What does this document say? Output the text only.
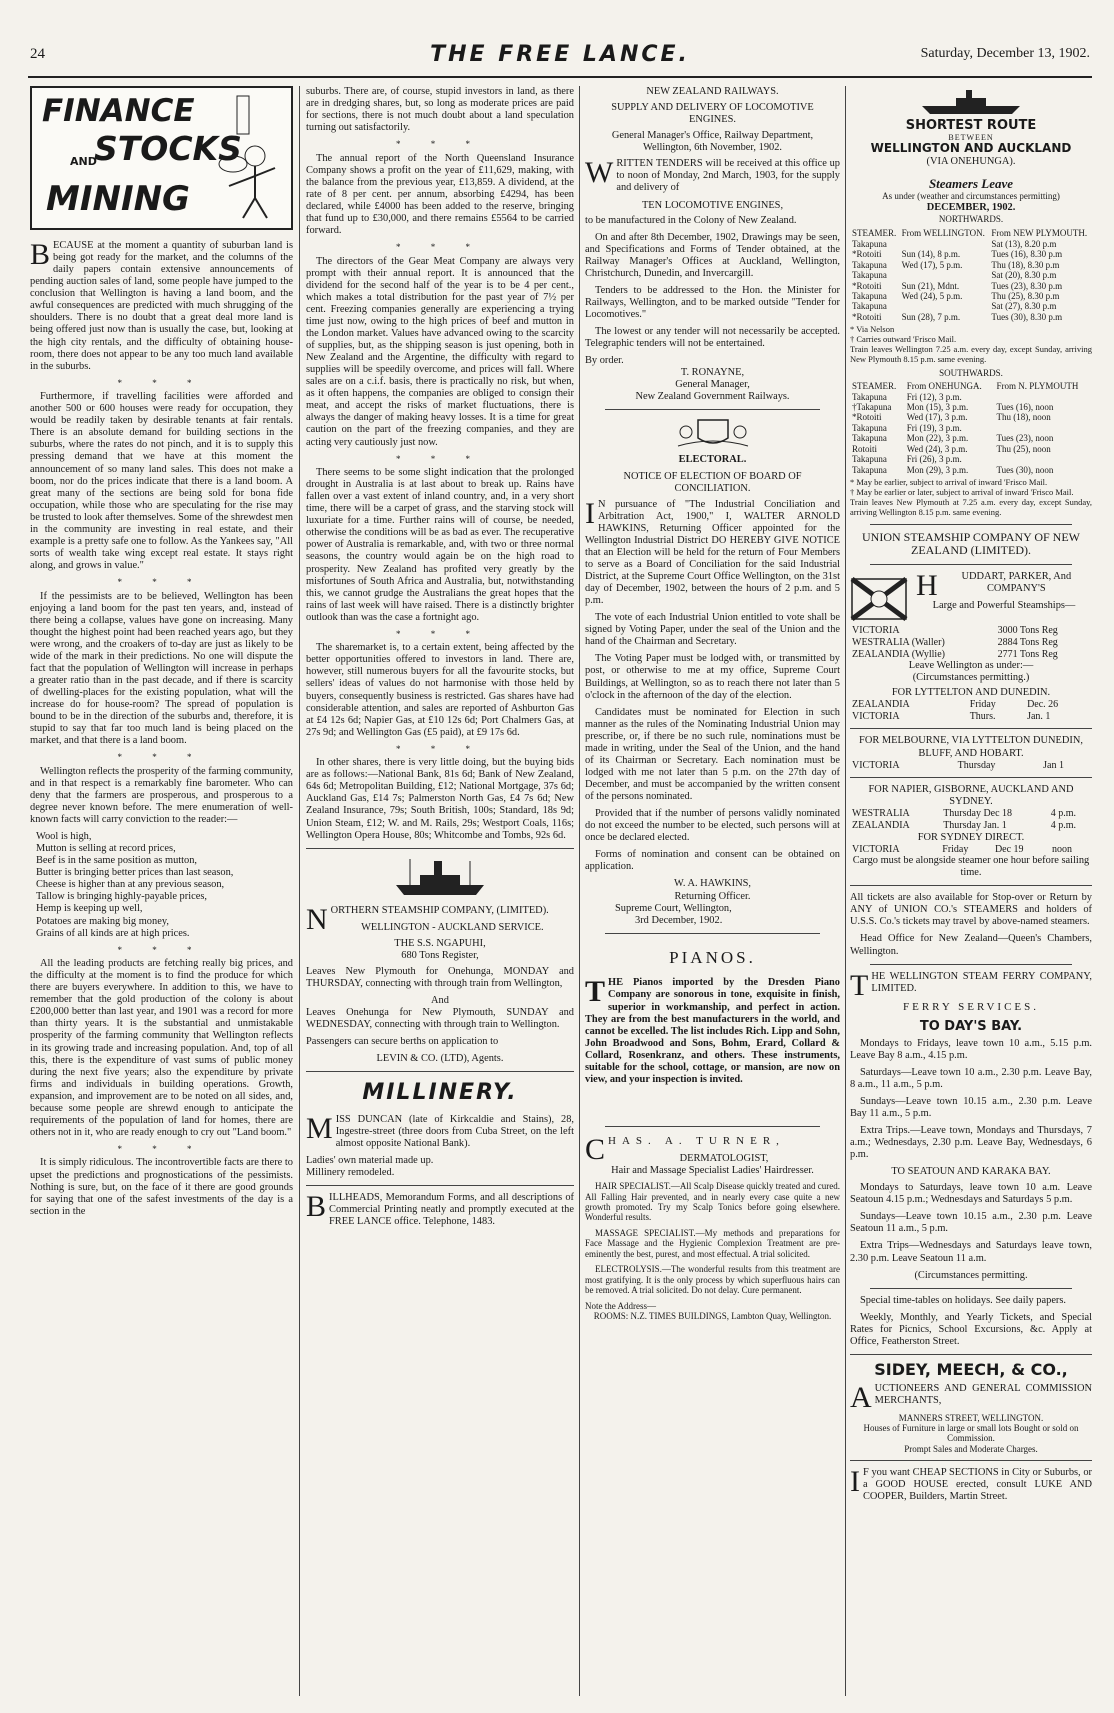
24	THE FREE LANCE.	Saturday, December 13, 1902.
FINANCE
STOCKS
AND
MINING

BECAUSE at the moment a quantity of suburban land is being got ready for the market, and the columns of the daily papers contain extensive announcements of pending auction sales of land, some people have jumped to the conclusion that Wellington is having a land boom, and the awful consequences are predicted with much shrugging of the shoulders. There is no doubt that a great deal more land is being offered just now than is usually the case, but, looking at the high city rentals, and the difficulty of obtaining house-room, there does not appear to be any too much land available in the suburbs.

* * *

Furthermore, if travelling facilities were afforded and another 500 or 600 houses were ready for occupation, they would be readily taken by desirable tenants at fair rentals. There is an absolute demand for building sections in the suburbs, where the rates do not pinch, and it is to supply this pressing demand that we have at this moment the announcement of so many land sales. This does not make a boom, nor do the prices indicate that there is a land boom. A great many of the sections are being sold for bona fide occupation, while those who are speculating for the rise may be trusted to look after themselves. Some of the shrewdest men in the community are investing in real estate, and their example is a pretty safe one to follow. As the Yankees say, "All sorts of wealth take wing except real estate. It stays right along, and grows in value."

* * *

If the pessimists are to be believed, Wellington has been enjoying a land boom for the past ten years, and, instead of there being a collapse, values have gone on increasing. Many thought the highest point had been reached years ago, but they were wrong, and the croakers of to-day are just as likely to be wide of the mark in their predictions. No one will dispute the fact that the population of Wellington will increase in perhaps a greater ratio than in the past decade, and if there is scarcity of dwelling-places for the existing population, what will the increase do for house-room? The spread of population is bound to be in the direction of the suburbs and, therefore, it is stupid to say that far too much land is being placed on the market, and that there is a land boom.

* * *

Wellington reflects the prosperity of the farming community, and in that respect is a remarkably fine barometer. Who can deny that the farmers are prosperous, and prosperous to a degree never known before. The mere enumeration of well-known facts will carry conviction to the reader:—

Wool is high,
Mutton is selling at record prices,
Beef is in the same position as mutton,
Butter is bringing better prices than last season,
Cheese is higher than at any previous season,
Tallow is bringing highly-payable prices,
Hemp is keeping up well,
Potatoes are making big money,
Grains of all kinds are at high prices.
* * *

All the leading products are fetching really big prices, and the difficulty at the moment is to find the produce for which there are buyers everywhere. In addition to this, we have to remember that the gold production of the colony is about £200,000 better than last year, and 1901 was a record for more than thirty years. It is the substantial and unmistakable prosperity of the farming community that Wellington reflects in its growing trade and increasing population. And, top of all this, there is the expenditure of vast sums of public money during the next five years; also the expenditure by private firms and individuals in building operations. Growth, expansion, and improvement are to be noted on all sides, and, because some people are shrewd enough to anticipate the requirements of the population of land for homes, there are others not in it, who are ready enough to cry out "Land boom."

* * *

It is simply ridiculous. The incontrovertible facts are there to upset the predictions and prognostications of the pessimists. Nothing is sure, but, on the face of it there are good grounds for saying that one of the safest investments of the day is a section in the

suburbs. There are, of course, stupid investors in land, as there are in dredging shares, but, so long as moderate prices are paid for sections, there is not much doubt about a land speculation turning out satisfactorily.

* * *

The annual report of the North Queensland Insurance Company shows a profit on the year of £11,629, making, with the balance from the previous year, £13,859. A dividend, at the rate of 8 per cent. per annum, absorbing £4294, has been declared, while £4000 has been added to the reserve, bringing that fund up to £30,000, and there remains £5564 to be carried forward.

* * *

The directors of the Gear Meat Company are always very prompt with their annual report. It is announced that the dividend for the second half of the year is to be 4 per cent., which makes a total distribution for the past year of 7½ per cent. Freezing companies generally are experiencing a trying time just now, owing to the high prices of beef and mutton in the London market. Values have advanced owing to the scarcity of supplies, but, as the shipping season is just opening, both in New Zealand and the Argentine, the difficulty with regard to supplies will be speedily overcome, and prices will fall. Where sales are on a c.i.f. basis, there is practically no risk, but when, as it often happens, the companies are obliged to consign their meat, and accept the risks of market fluctuations, there is always the danger of making heavy losses. It is a time for great caution on the part of the freezing companies, and they are acting very cautiously just now.

* * *

There seems to be some slight indication that the prolonged drought in Australia is at last about to break up. Rains have fallen over a vast extent of inland country, and, in a very short time, there will be a carpet of grass, and the starving stock will luxuriate for a time. Further rains will of course, be needed, otherwise the conditions will be as bad as ever. The recuperative power of Australia is remarkable, and, with two or three normal seasons, the country would again be on the high road to prosperity. New Zealand has profited very greatly by the misfortunes of South Africa and Australia, but, notwithstanding this, we cannot grudge the Australians the great hopes that the rains of last week will have raised. There is a distinctly brighter outlook than was the case a fortnight ago.

* * *

The sharemarket is, to a certain extent, being affected by the better opportunities offered to investors in land. There are, however, still numerous buyers for all the favourite stocks, but sellers' ideas of values do not harmonise with those held by buyers, consequently business is restricted. Gas shares have had considerable attention, and sales are reported of Ashburton Gas at £4 12s 6d; Napier Gas, at £10 12s 6d; Port Chalmers Gas, at 27s 9d; and Wellington Gas (£5 paid), at £9 17s 6d.

* * *

In other shares, there is very little doing, but the buying bids are as follows:—National Bank, 81s 6d; Bank of New Zealand, 64s 6d; Metropolitan Building, £12; National Mortgage, 37s 6d; Auckland Gas, £14 7s; Palmerston North Gas, £4 7s 6d; New Zealand Insurance, 79s; South British, 100s; Standard, 18s 9d; Union Steam, £12; W. and M. Rails, 29s; Westport Coals, 116s; Wellington Opera House, 80s; Whitcombe and Tombs, 92s 6d.

NORTHERN STEAMSHIP COMPANY, (LIMITED).

WELLINGTON - AUCKLAND SERVICE.
THE S.S. NGAPUHI,
680 Tons Register,

Leaves New Plymouth for Onehunga, MONDAY and THURSDAY, connecting with through train from Wellington,

And

Leaves Onehunga for New Plymouth, SUNDAY and WEDNESDAY, connecting with through train to Wellington.

Passengers can secure berths on application to

LEVIN & CO. (LTD), Agents.
MILLINERY.

MISS DUNCAN (late of Kirkcaldie and Stains), 28, Ingestre-street (three doors from Cuba Street, on the left almost opposite National Bank).

Ladies' own material made up.
Millinery remodeled.

BILLHEADS, Memorandum Forms, and all descriptions of Commercial Printing neatly and promptly executed at the FREE LANCE office. Telephone, 1483.

NEW ZEALAND RAILWAYS.
SUPPLY AND DELIVERY OF LOCOMOTIVE ENGINES.
General Manager's Office, Railway Department, Wellington, 6th November, 1902.

WRITTEN TENDERS will be received at this office up to noon of Monday, 2nd March, 1903, for the supply and delivery of

TEN LOCOMOTIVE ENGINES,

to be manufactured in the Colony of New Zealand.

On and after 8th December, 1902, Drawings may be seen, and Specifications and Forms of Tender obtained, at the Railway Manager's Offices at Auckland, Wellington, Christchurch, Dunedin, and Invercargill.

Tenders to be addressed to the Hon. the Minister for Railways, Wellington, and to be marked outside "Tender for Locomotives."

The lowest or any tender will not necessarily be accepted. Telegraphic tenders will not be entertained.

By order.
T. RONAYNE,
General Manager,
New Zealand Government Railways.
ELECTORAL.
NOTICE OF ELECTION OF BOARD OF CONCILIATION.

I N pursuance of "The Industrial Conciliation and Arbitration Act, 1900," I, WALTER ARNOLD HAWKINS, Returning Officer appointed for the Wellington Industrial District DO HEREBY GIVE NOTICE that an Election will be held for the return of Four Members to serve as a Board of Conciliation for the said Industrial District, at the Supreme Court Office Wellington, on the 31st day of December, 1902, between the hours of 2 p.m. and 5 p.m.

The vote of each Industrial Union entitled to vote shall be signed by Voting Paper, under the seal of the Union and the hand of the Chairman and Secretary.

The Voting Paper must be lodged with, or transmitted by post, or otherwise to me at my office, Supreme Court Buildings, at Wellington, so as to reach there not later than 5 o'clock in the afternoon of the day of the election.

Candidates must be nominated for Election in such manner as the rules of the Nominating Industrial Union may prescribe, or, if there be no such rule, nominations must be made in writing, under the Seal of the Union, and the hand of its Chairman or Secretary. Each nomination must be lodged with me not later than 5 p.m. on the 27th day of December, and must be accompanied by the written consent of the persons nominated.

Provided that if the number of persons validly nominated do not exceed the number to be elected, such persons will at once be declared elected.

Forms of nomination and consent can be obtained on application.

W. A. HAWKINS,
Returning Officer.
Supreme Court, Wellington,
3rd December, 1902.
PIANOS.

THE Pianos imported by the Dresden Piano Company are sonorous in tone, exquisite in finish, superior in workmanship, and perfect in action. They are from the best manufacturers in the world, and cannot be excelled. The list includes Rich. Lipp and Sohn, John Broadwood and Sons, Bohm, Erard, Collard & Collard, Rosenkranz, and others. These instruments, suitable for the school, cottage, or mansion, are now on view, and your inspection is invited.

CHAS. A. TURNER,

DERMATOLOGIST,
Hair and Massage Specialist Ladies' Hairdresser.

HAIR SPECIALIST.—All Scalp Disease quickly treated and cured. All Falling Hair prevented, and in nearly every case quite a new growth promoted. Try my Scalp Tonics before going elsewhere. Wonderful results.

MASSAGE SPECIALIST.—My methods and preparations for Face Massage and the Hygienic Complexion Treatment are pre-eminently the best, purest, and most effectual. A trial solicited.

ELECTROLYSIS.—The wonderful results from this treatment are most gratifying. It is the only process by which superfluous hairs can be removed. A trial solicited. Do not delay. Cure permanent.

Note the Address—
ROOMS: N.Z. TIMES BUILDINGS, Lambton Quay, Wellington.
SHORTEST ROUTE
BETWEEN
WELLINGTON AND AUCKLAND
(VIA ONEHUNGA).
Steamers Leave
As under (weather and circumstances permitting)
DECEMBER, 1902.
NORTHWARDS.
STEAMER.	From WELLINGTON.	From NEW PLYMOUTH.
Takapuna		Sat (13), 8.20 p.m
*Rotoiti	Sun (14), 8 p.m.	Tues (16), 8.30 p.m
Takapuna	Wed (17), 5 p.m.	Thu (18), 8.30 p.m
Takapuna		Sat (20), 8.30 p.m
*Rotoiti	Sun (21), Mdnt.	Tues (23), 8.30 p.m
Takapuna	Wed (24), 5 p.m.	Thu (25), 8.30 p.m
Takapuna		Sat (27), 8.30 p.m
*Rotoiti	Sun (28), 7 p.m.	Tues (30), 8.30 p.m
* Via Nelson
† Carries outward 'Frisco Mail.
Train leaves Wellington 7.25 a.m. every day, except Sunday, arriving New Plymouth 8.15 p.m. same evening.
SOUTHWARDS.
STEAMER.	From ONEHUNGA.	From N. PLYMOUTH
Takapuna	Fri (12), 3 p.m.	
†Takapuna	Mon (15), 3 p.m.	Tues (16), noon
*Rotoiti	Wed (17), 3 p.m.	Thu (18), noon
Takapuna	Fri (19), 3 p.m.	
Takapuna	Mon (22), 3 p.m.	Tues (23), noon
Rotoiti	Wed (24), 3 p.m.	Thu (25), noon
Takapuna	Fri (26), 3 p.m.	
Takapuna	Mon (29), 3 p.m.	Tues (30), noon
* May be earlier, subject to arrival of inward 'Frisco Mail.
† May be earlier or later, subject to arrival of inward 'Frisco Mail.
Train leaves New Plymouth at 7.25 a.m. every day, except Sunday, arriving Wellington 8.15 p.m. same evening.
UNION STEAMSHIP COMPANY OF NEW ZEALAND (LIMITED).

H UDDART, PARKER, And COMPANY'S

Large and Powerful Steamships—
VICTORIA	3000 Tons Reg
WESTRALIA (Waller)	2884 Tons Reg
ZEALANDIA (Wyllie)	2771 Tons Reg
Leave Wellington as under:—
(Circumstances permitting.)
FOR LYTTELTON AND DUNEDIN.
ZEALANDIA	Friday	Dec. 26
VICTORIA	Thurs.	Jan. 1
FOR MELBOURNE, VIA LYTTELTON DUNEDIN, BLUFF, AND HOBART.
VICTORIA	Thursday	Jan 1
FOR NAPIER, GISBORNE, AUCKLAND AND SYDNEY.
WESTRALIA	Thursday Dec 18	4 p.m.
ZEALANDIA	Thursday Jan. 1	4 p.m.
FOR SYDNEY DIRECT.
VICTORIA	Friday	Dec 19	noon
Cargo must be alongside steamer one hour before sailing time.

All tickets are also available for Stop-over or Return by ANY of UNION CO.'s STEAMERS and holders of U.S.S. Co.'s tickets may travel by above-named steamers.

Head Office for New Zealand—Queen's Chambers, Wellington.

THE WELLINGTON STEAM FERRY COMPANY, LIMITED.

FERRY SERVICES.
TO DAY'S BAY.

Mondays to Fridays, leave town 10 a.m., 5.15 p.m. Leave Bay 8 a.m., 4.15 p.m.

Saturdays—Leave town 10 a.m., 2.30 p.m. Leave Bay, 8 a.m., 11 a.m., 5 p.m.

Sundays—Leave town 10.15 a.m., 2.30 p.m. Leave Bay 11 a.m., 5 p.m.

Extra Trips.—Leave town, Mondays and Thursdays, 7 a.m.; Wednesdays, 2.30 p.m. Leave Bay, Wednesdays, 6 p.m.

TO SEATOUN AND KARAKA BAY.

Mondays to Saturdays, leave town 10 a.m. Leave Seatoun 4.15 p.m.; Wednesdays and Saturdays 5 p.m.

Sundays—Leave town 10.15 a.m., 2.30 p.m. Leave Seatoun 11 a.m., 5 p.m.

Extra Trips—Wednesdays and Saturdays leave town, 2.30 p.m. Leave Seatoun 11 a.m.

(Circumstances permitting.

Special time-tables on holidays. See daily papers.

Weekly, Monthly, and Yearly Tickets, and Special Rates for Picnics, School Excursions, &c. Apply at Office, Featherston Street.

SIDEY, MEECH, & CO.,

AUCTIONEERS AND GENERAL COMMISSION MERCHANTS,

MANNERS STREET, WELLINGTON.
Houses of Furniture in large or small lots Bought or sold on Commission.
Prompt Sales and Moderate Charges.

I F you want CHEAP SECTIONS in City or Suburbs, or a GOOD HOUSE erected, consult LUKE AND COOPER, Builders, Martin Street.
